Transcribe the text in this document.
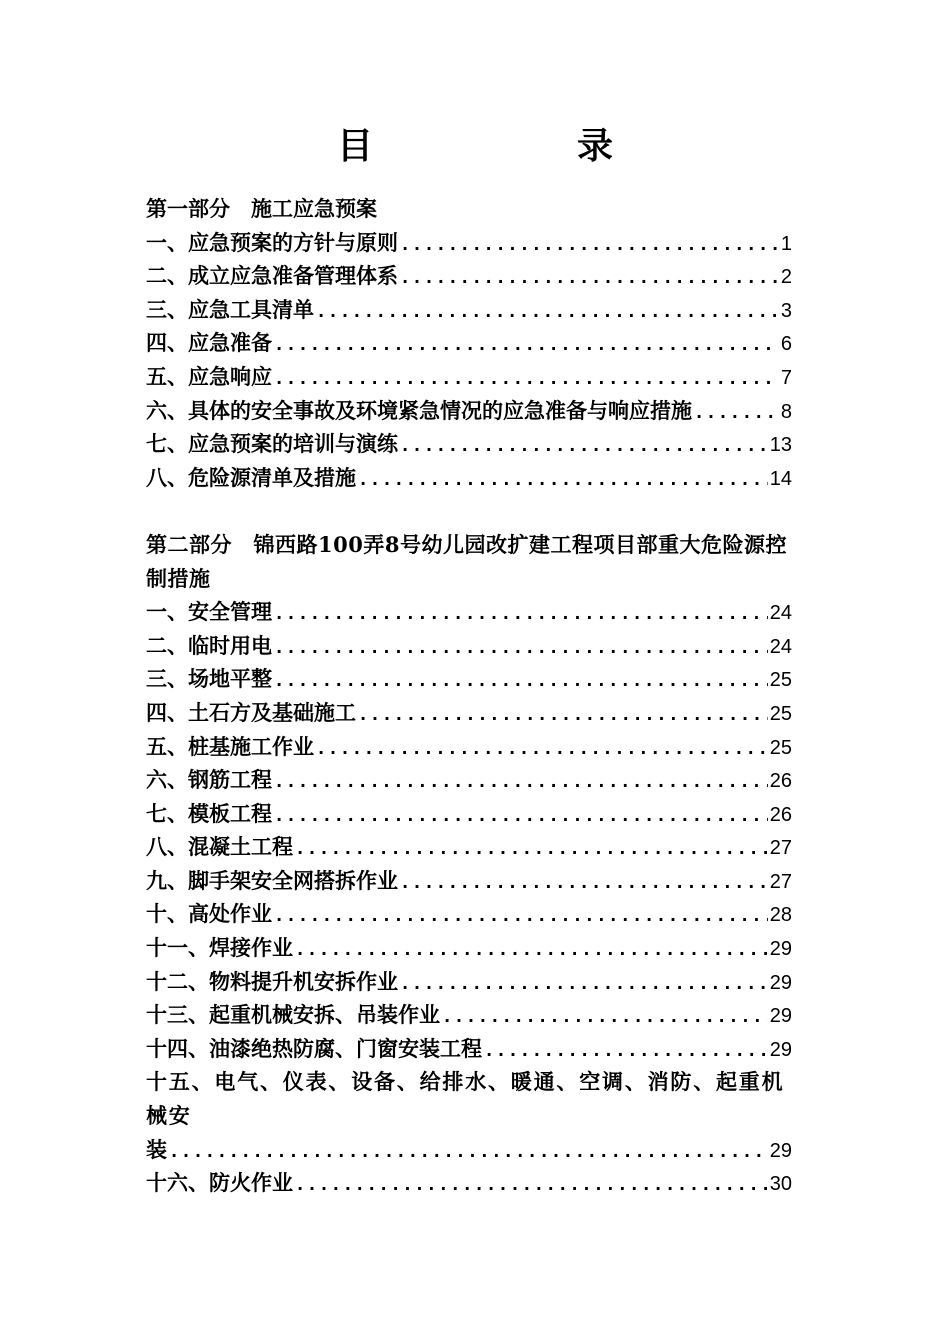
目　录
第一部分　施工应急预案
一、应急预案的方针与原则 .....	1
二、成立应急准备管理体系 .....	2
三、应急工具清单 .....	3
四、应急准备 .....	6
五、应急响应 .....	7
六、具体的安全事故及环境紧急情况的应急准备与响应措施 .....	8
七、应急预案的培训与演练 .....	13
八、危险源清单及措施 .....	14
第二部分　锦西路100弄8号幼儿园改扩建工程项目部重大危险源控制措施
一、安全管理 .....	24
二、临时用电 .....	24
三、场地平整 .....	25
四、土石方及基础施工 .....	25
五、桩基施工作业 .....	25
六、钢筋工程 .....	26
七、模板工程 .....	26
八、混凝土工程 .....	27
九、脚手架安全网搭拆作业 .....	27
十、高处作业 .....	28
十一、焊接作业 .....	29
十二、物料提升机安拆作业 .....	29
十三、起重机械安拆、吊装作业 .....	29
十四、油漆绝热防腐、门窗安装工程 .....	29
十五、电气、仪表、设备、给排水、暖通、空调、消防、起重机械安
装 .....	29
十六、防火作业 .....	30
